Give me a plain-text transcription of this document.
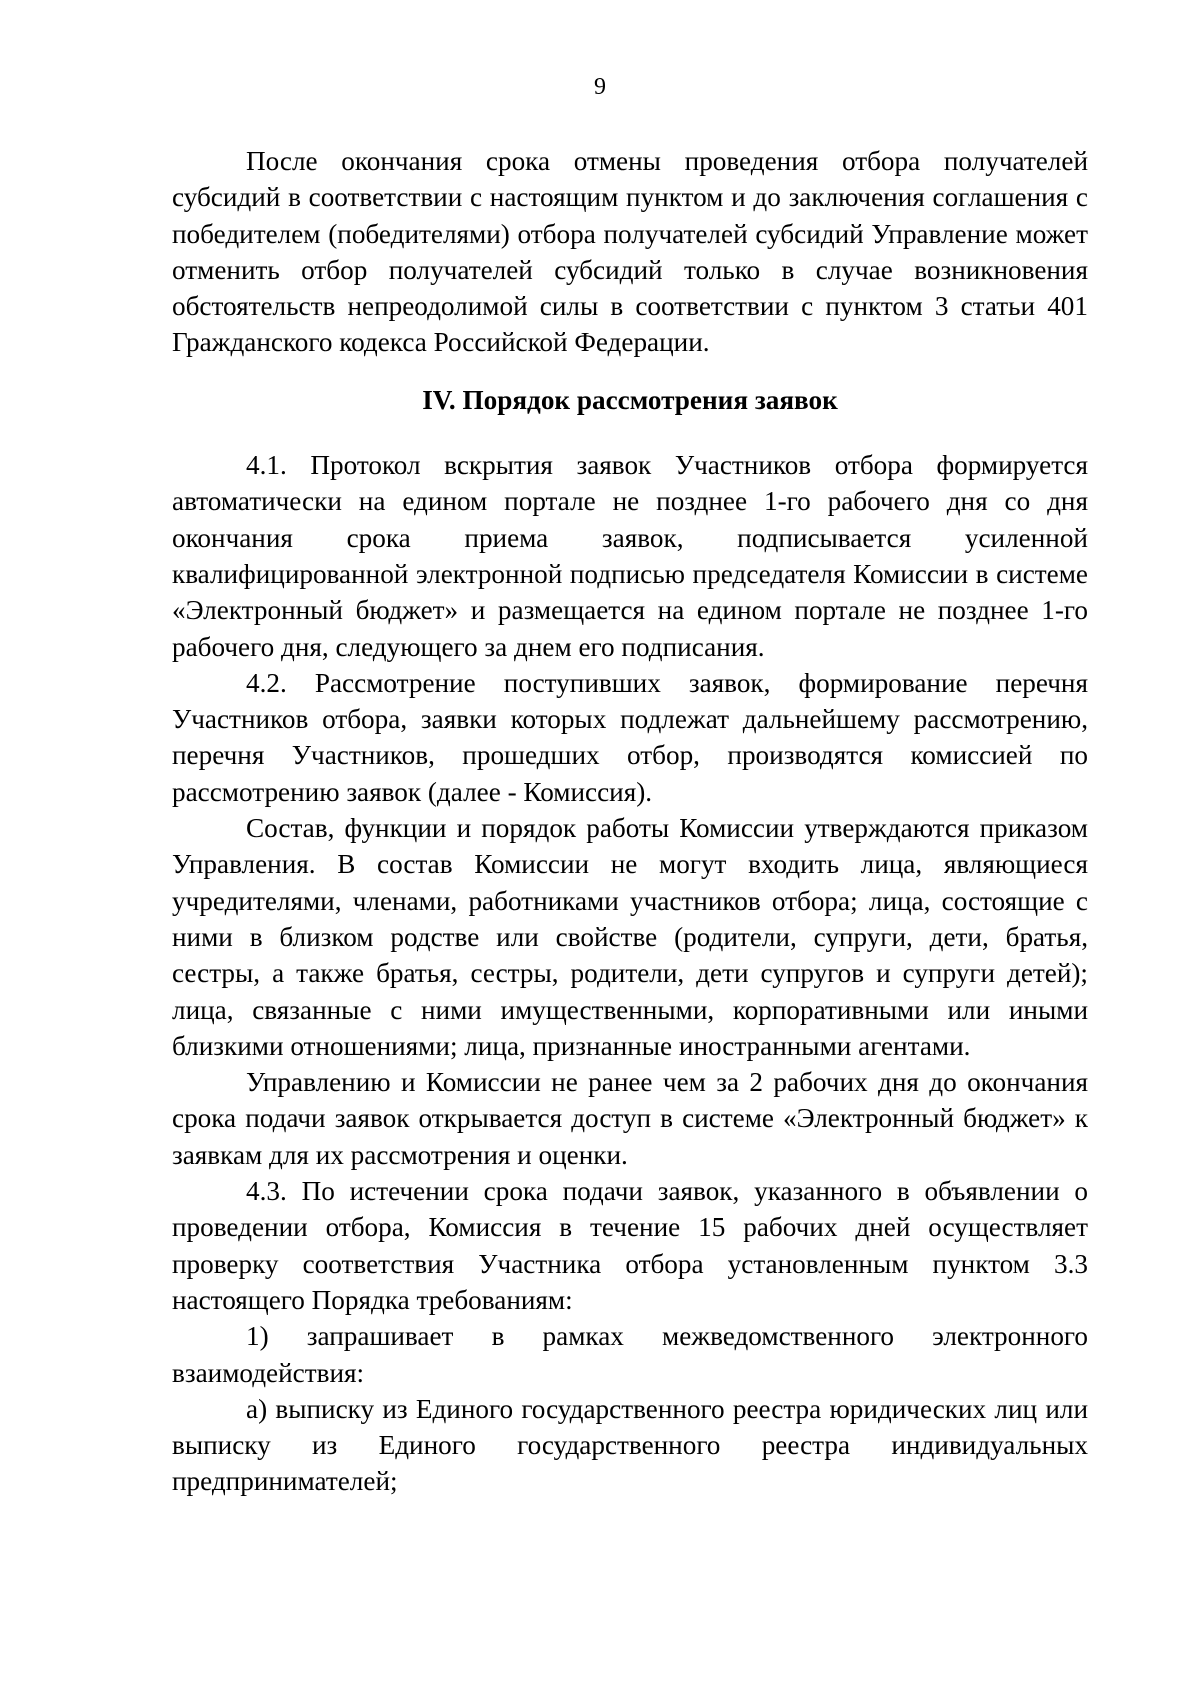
9

После окончания срока отмены проведения отбора получателей субсидий в соответствии с настоящим пунктом и до заключения соглашения с победителем (победителями) отбора получателей субсидий Управление может отменить отбор получателей субсидий только в случае возникновения обстоятельств непреодолимой силы в соответствии с пунктом 3 статьи 401 Гражданского кодекса Российской Федерации.

IV. Порядок рассмотрения заявок

4.1. Протокол вскрытия заявок Участников отбора формируется автоматически на едином портале не позднее 1-го рабочего дня со дня окончания срока приема заявок, подписывается усиленной квалифицированной электронной подписью председателя Комиссии в системе «Электронный бюджет» и размещается на едином портале не позднее 1-го рабочего дня, следующего за днем его подписания.

4.2. Рассмотрение поступивших заявок, формирование перечня Участников отбора, заявки которых подлежат дальнейшему рассмотрению, перечня Участников, прошедших отбор, производятся комиссией по рассмотрению заявок (далее - Комиссия).

Состав, функции и порядок работы Комиссии утверждаются приказом Управления. В состав Комиссии не могут входить лица, являющиеся учредителями, членами, работниками участников отбора; лица, состоящие с ними в близком родстве или свойстве (родители, супруги, дети, братья, сестры, а также братья, сестры, родители, дети супругов и супруги детей); лица, связанные с ними имущественными, корпоративными или иными близкими отношениями; лица, признанные иностранными агентами.

Управлению и Комиссии не ранее чем за 2 рабочих дня до окончания срока подачи заявок открывается доступ в системе «Электронный бюджет» к заявкам для их рассмотрения и оценки.

4.3. По истечении срока подачи заявок, указанного в объявлении о проведении отбора, Комиссия в течение 15 рабочих дней осуществляет проверку соответствия Участника отбора установленным пунктом 3.3 настоящего Порядка требованиям:

1) запрашивает в рамках межведомственного электронного взаимодействия:

а) выписку из Единого государственного реестра юридических лиц или выписку из Единого государственного реестра индивидуальных предпринимателей;
